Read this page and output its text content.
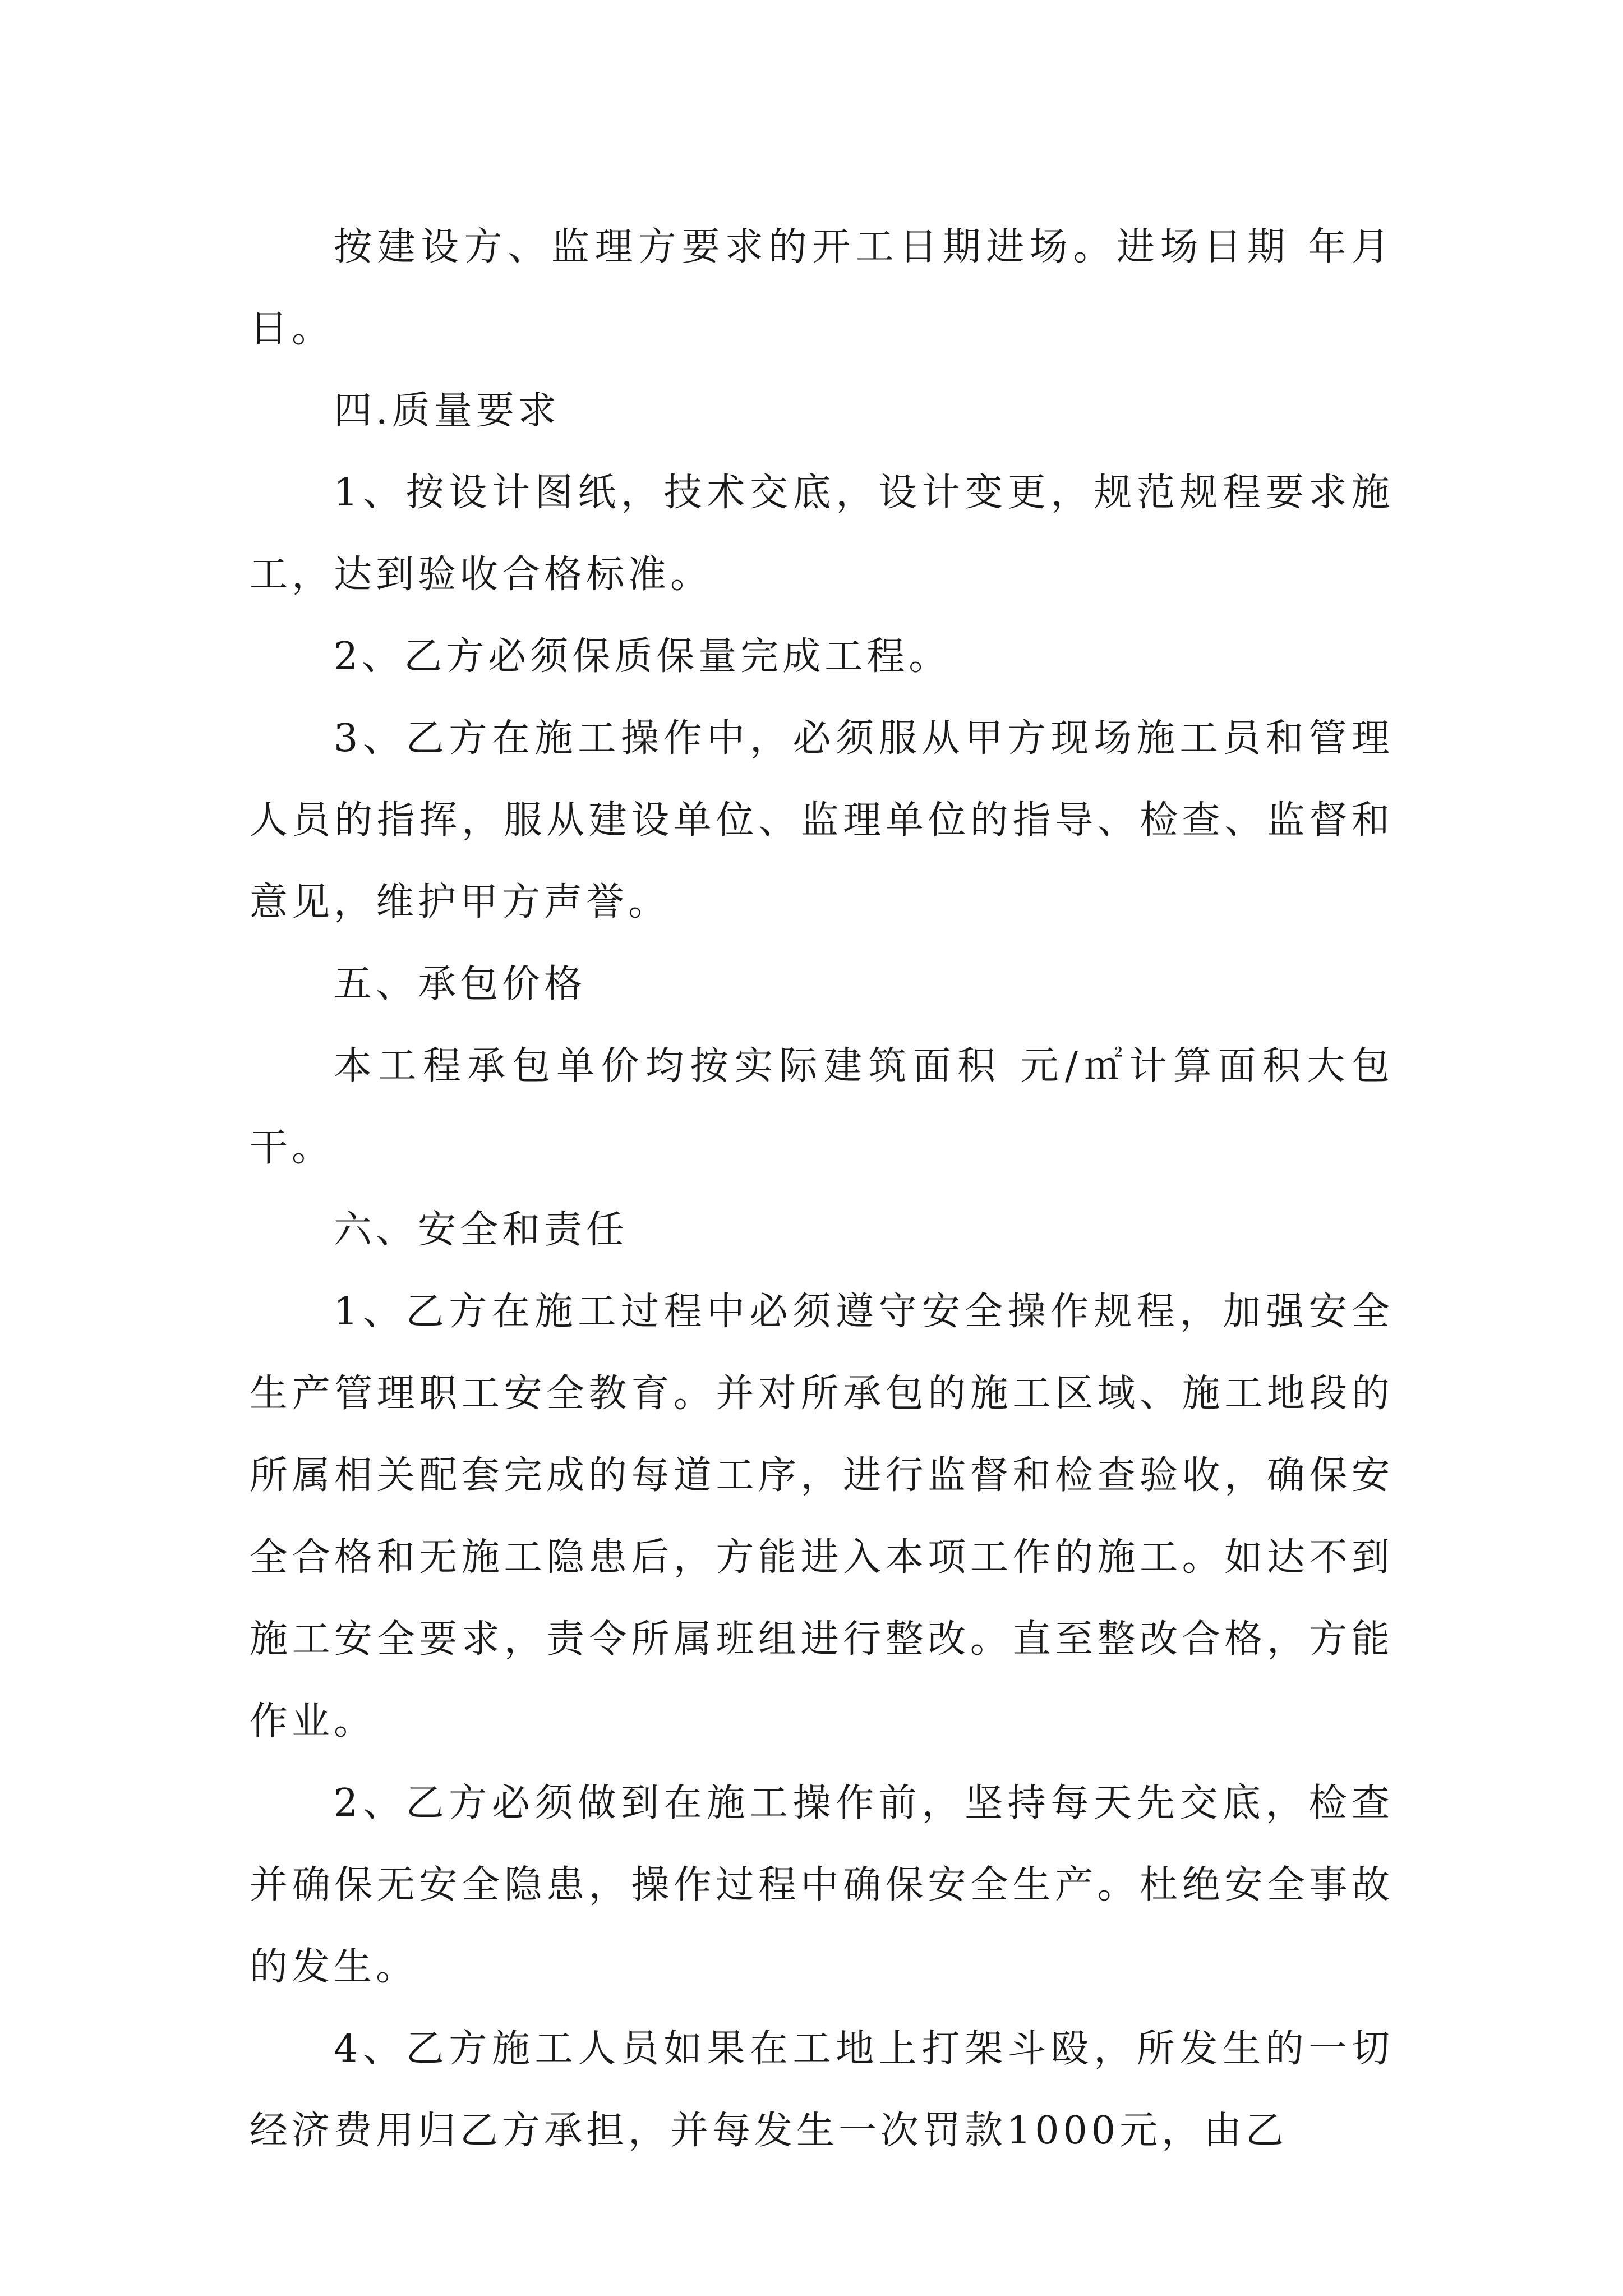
按建设方、监理方要求的开工日期进场。进场日期 年月日。

四.质量要求

1、按设计图纸，技术交底，设计变更，规范规程要求施工，达到验收合格标准。

2、乙方必须保质保量完成工程。

3、乙方在施工操作中，必须服从甲方现场施工员和管理人员的指挥，服从建设单位、监理单位的指导、检查、监督和意见，维护甲方声誉。

五、承包价格

本工程承包单价均按实际建筑面积 元/㎡计算面积大包干。

六、安全和责任

1、乙方在施工过程中必须遵守安全操作规程，加强安全生产管理职工安全教育。并对所承包的施工区域、施工地段的所属相关配套完成的每道工序，进行监督和检查验收，确保安全合格和无施工隐患后，方能进入本项工作的施工。如达不到施工安全要求，责令所属班组进行整改。直至整改合格，方能作业。

2、乙方必须做到在施工操作前，坚持每天先交底，检查并确保无安全隐患，操作过程中确保安全生产。杜绝安全事故的发生。

4、乙方施工人员如果在工地上打架斗殴，所发生的一切经济费用归乙方承担，并每发生一次罚款1000元，由乙
